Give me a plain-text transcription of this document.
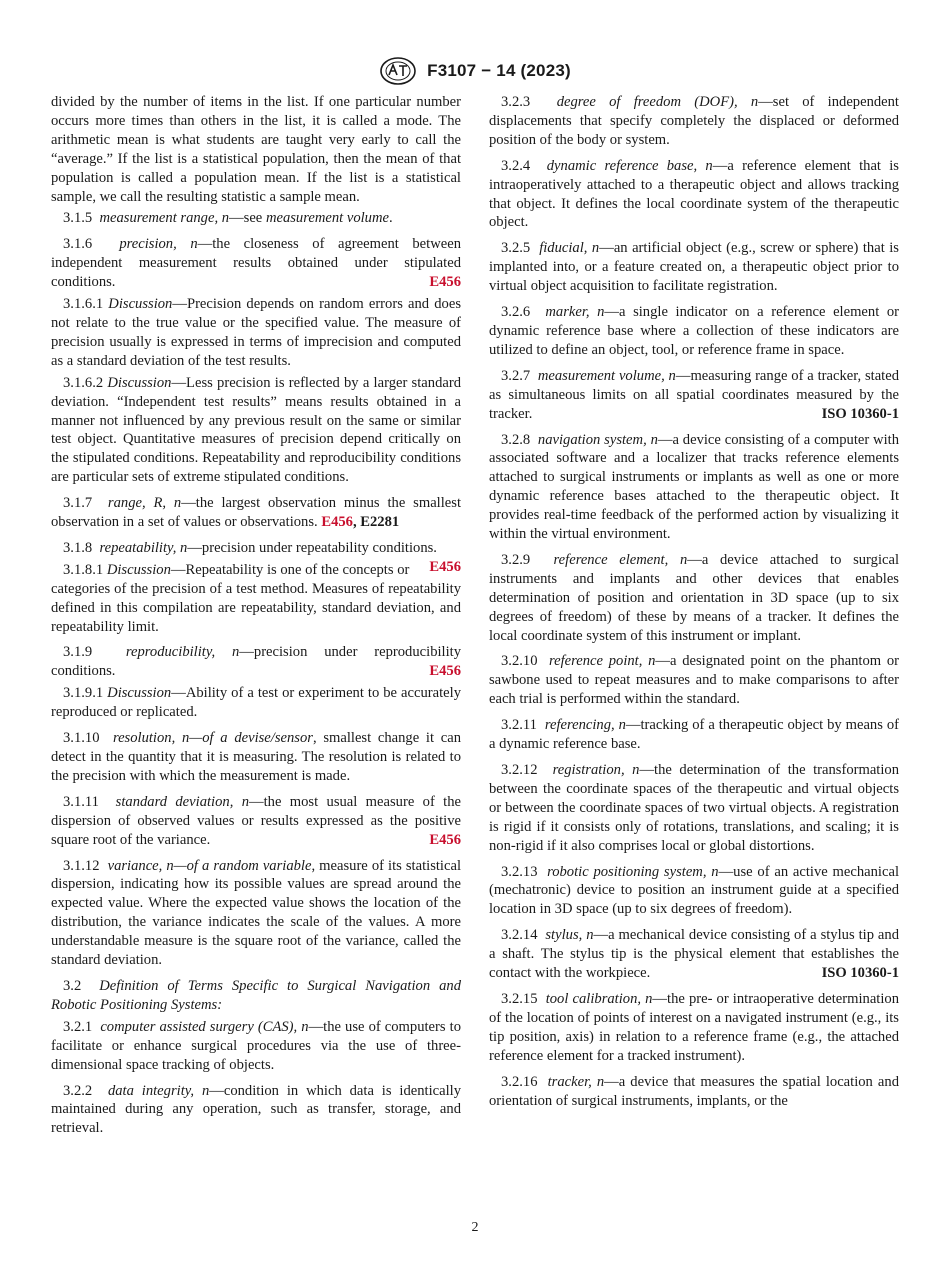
F3107 − 14 (2023)

divided by the number of items in the list. If one particular number occurs more times than others in the list, it is called a mode. The arithmetic mean is what students are taught very early to call the “average.” If the list is a statistical population, then the mean of that population is called a population mean. If the list is a statistical sample, we call the resulting statistic a sample mean.

3.1.5 measurement range, n—see measurement volume.

3.1.6 precision, n—the closeness of agreement between independent measurement results obtained under stipulated conditions.	E456

3.1.6.1 Discussion—Precision depends on random errors and does not relate to the true value or the specified value. The measure of precision usually is expressed in terms of imprecision and computed as a standard deviation of the test results.

3.1.6.2 Discussion—Less precision is reflected by a larger standard deviation. “Independent test results” means results obtained in a manner not influenced by any previous result on the same or similar test object. Quantitative measures of precision depend critically on the stipulated conditions. Repeatability and reproducibility conditions are particular sets of extreme stipulated conditions.

3.1.7 range, R, n—the largest observation minus the smallest observation in a set of values or observations. E456, E2281

3.1.8 repeatability, n—precision under repeatability conditions.
E456

3.1.8.1 Discussion—Repeatability is one of the concepts or categories of the precision of a test method. Measures of repeatability defined in this compilation are repeatability, standard deviation, and repeatability limit.

3.1.9 reproducibility, n—precision under reproducibility conditions.	E456

3.1.9.1 Discussion—Ability of a test or experiment to be accurately reproduced or replicated.

3.1.10 resolution, n—of a devise/sensor, smallest change it can detect in the quantity that it is measuring. The resolution is related to the precision with which the measurement is made.

3.1.11 standard deviation, n—the most usual measure of the dispersion of observed values or results expressed as the positive square root of the variance.	E456

3.1.12 variance, n—of a random variable, measure of its statistical dispersion, indicating how its possible values are spread around the expected value. Where the expected value shows the location of the distribution, the variance indicates the scale of the values. A more understandable measure is the square root of the variance, called the standard deviation.

3.2 Definition of Terms Specific to Surgical Navigation and Robotic Positioning Systems:

3.2.1 computer assisted surgery (CAS), n—the use of computers to facilitate or enhance surgical procedures via the use of three-dimensional space tracking of objects.

3.2.2 data integrity, n—condition in which data is identically maintained during any operation, such as transfer, storage, and retrieval.

3.2.3 degree of freedom (DOF), n—set of independent displacements that specify completely the displaced or deformed position of the body or system.

3.2.4 dynamic reference base, n—a reference element that is intraoperatively attached to a therapeutic object and allows tracking that object. It defines the local coordinate system of the therapeutic object.

3.2.5 fiducial, n—an artificial object (e.g., screw or sphere) that is implanted into, or a feature created on, a therapeutic object prior to virtual object acquisition to facilitate registration.

3.2.6 marker, n—a single indicator on a reference element or dynamic reference base where a collection of these indicators are utilized to define an object, tool, or reference frame in space.

3.2.7 measurement volume, n—measuring range of a tracker, stated as simultaneous limits on all spatial coordinates measured by the tracker.	ISO 10360-1

3.2.8 navigation system, n—a device consisting of a computer with associated software and a localizer that tracks reference elements attached to surgical instruments or implants as well as one or more dynamic reference bases attached to the therapeutic object. It provides real-time feedback of the performed action by visualizing it within the virtual environment.

3.2.9 reference element, n—a device attached to surgical instruments and implants and other devices that enables determination of position and orientation in 3D space (up to six degrees of freedom) of these by means of a tracker. It defines the local coordinate system of this instrument or implant.

3.2.10 reference point, n—a designated point on the phantom or sawbone used to repeat measures and to make comparisons to after each trial is performed within the standard.

3.2.11 referencing, n—tracking of a therapeutic object by means of a dynamic reference base.

3.2.12 registration, n—the determination of the transformation between the coordinate spaces of the therapeutic and virtual objects or between the coordinate spaces of two virtual objects. A registration is rigid if it consists only of rotations, translations, and scaling; it is non-rigid if it also comprises local or global distortions.

3.2.13 robotic positioning system, n—use of an active mechanical (mechatronic) device to position an instrument guide at a specified location in 3D space (up to six degrees of freedom).

3.2.14 stylus, n—a mechanical device consisting of a stylus tip and a shaft. The stylus tip is the physical element that establishes the contact with the workpiece.	ISO 10360-1

3.2.15 tool calibration, n—the pre- or intraoperative determination of the location of points of interest on a navigated instrument (e.g., its tip position, axis) in relation to a reference frame (e.g., the attached reference element for a tracked instrument).

3.2.16 tracker, n—a device that measures the spatial location and orientation of surgical instruments, implants, or the

2
